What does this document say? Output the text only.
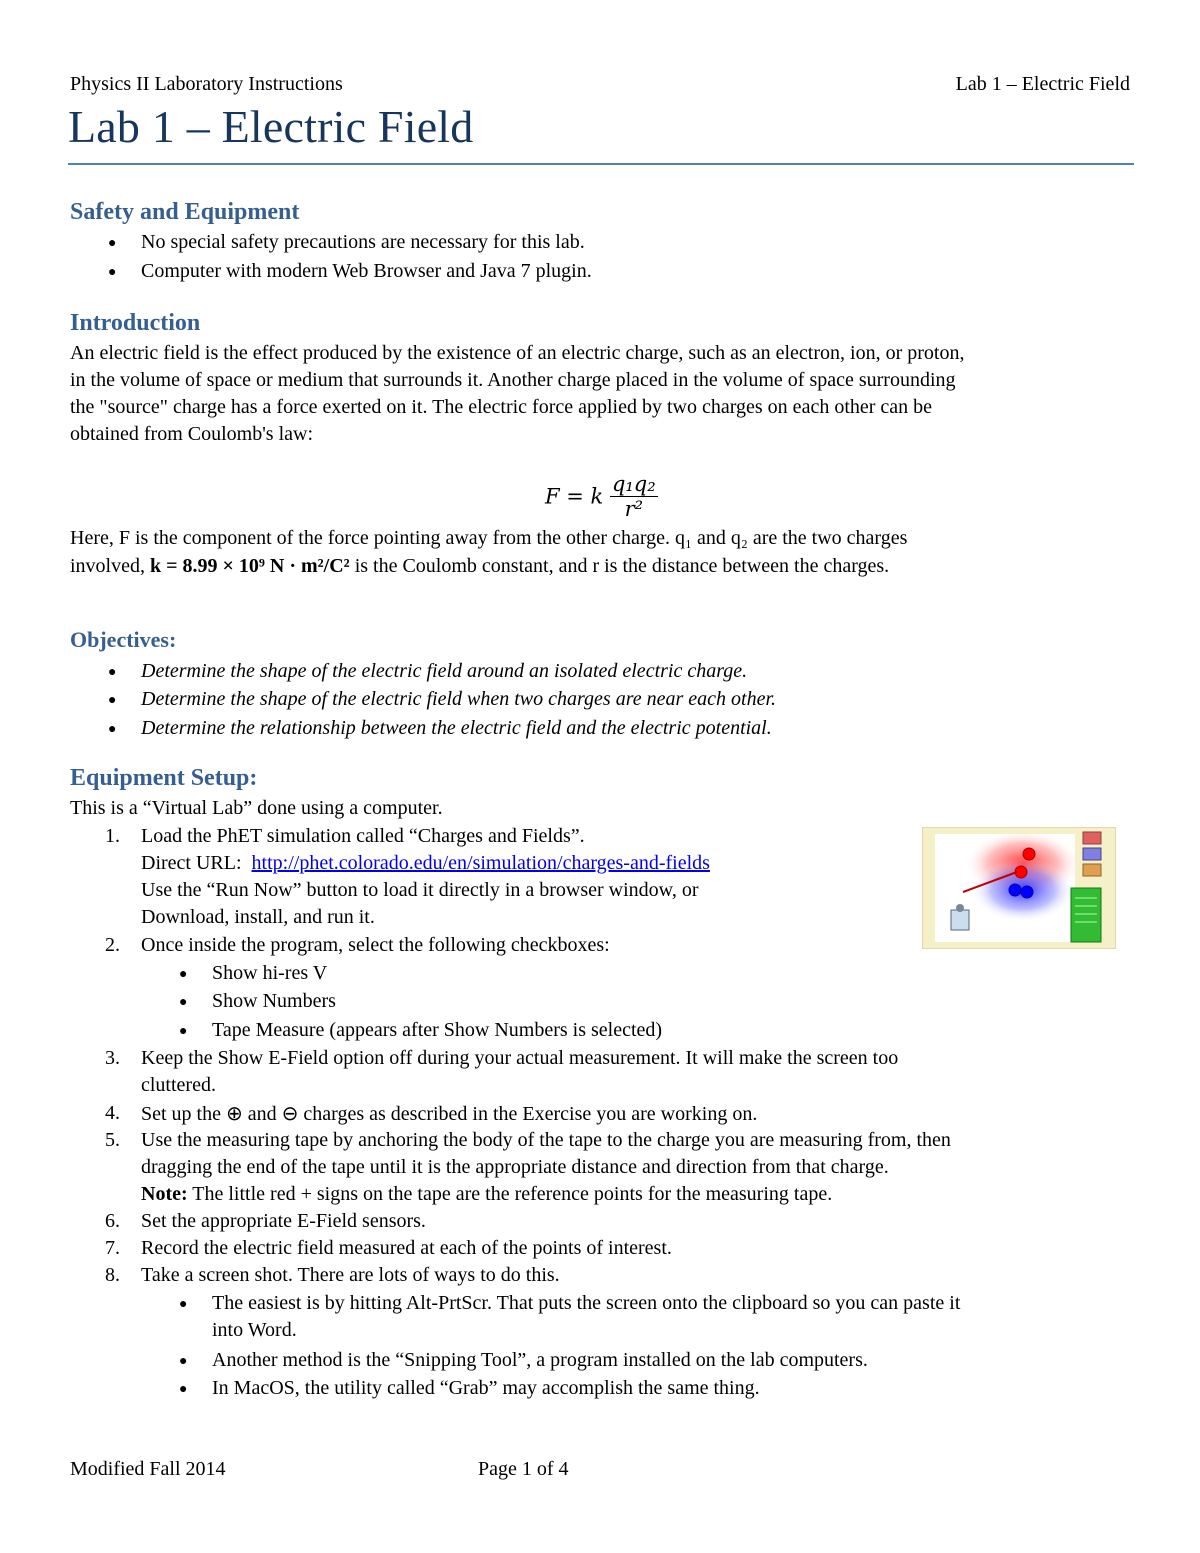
Physics II Laboratory Instructions	Lab 1 – Electric Field
Lab 1 – Electric Field
Safety and Equipment
● No special safety precautions are necessary for this lab.
● Computer with modern Web Browser and Java 7 plugin.
Introduction
An electric field is the effect produced by the existence of an electric charge, such as an electron, ion, or proton,
in the volume of space or medium that surrounds it. Another charge placed in the volume of space surrounding
the "source" charge has a force exerted on it. The electric force applied by two charges on each other can be
obtained from Coulomb's law:
F = k $\frac{\text{q₁q₂}}{\text{r²}}$
Here, F is the component of the force pointing away from the other charge. q₁ and q₂ are the two charges
involved, k = 8.99 × 10⁹ N · m²/C² is the Coulomb constant, and r is the distance between the charges.
Objectives:
● Determine the shape of the electric field around an isolated electric charge.
● Determine the shape of the electric field when two charges are near each other.
● Determine the relationship between the electric field and the electric potential.
Equipment Setup:
This is a “Virtual Lab” done using a computer.
1. Load the PhET simulation called “Charges and Fields”.
Direct URL: http://phet.colorado.edu/en/simulation/charges-and-fields
Use the “Run Now” button to load it directly in a browser window, or
Download, install, and run it.
2. Once inside the program, select the following checkboxes:
● Show hi-res V
● Show Numbers
● Tape Measure (appears after Show Numbers is selected)
3. Keep the Show E-Field option off during your actual measurement. It will make the screen too
cluttered.
4. Set up the ⊕ and ⊖ charges as described in the Exercise you are working on.
5. Use the measuring tape by anchoring the body of the tape to the charge you are measuring from, then
dragging the end of the tape until it is the appropriate distance and direction from that charge.
Note: The little red + signs on the tape are the reference points for the measuring tape.
6. Set the appropriate E-Field sensors.
7. Record the electric field measured at each of the points of interest.
8. Take a screen shot. There are lots of ways to do this.
● The easiest is by hitting Alt-PrtScr. That puts the screen onto the clipboard so you can paste it
into Word.
● Another method is the “Snipping Tool”, a program installed on the lab computers.
● In MacOS, the utility called “Grab” may accomplish the same thing.
Modified Fall 2014	Page 1 of 4
